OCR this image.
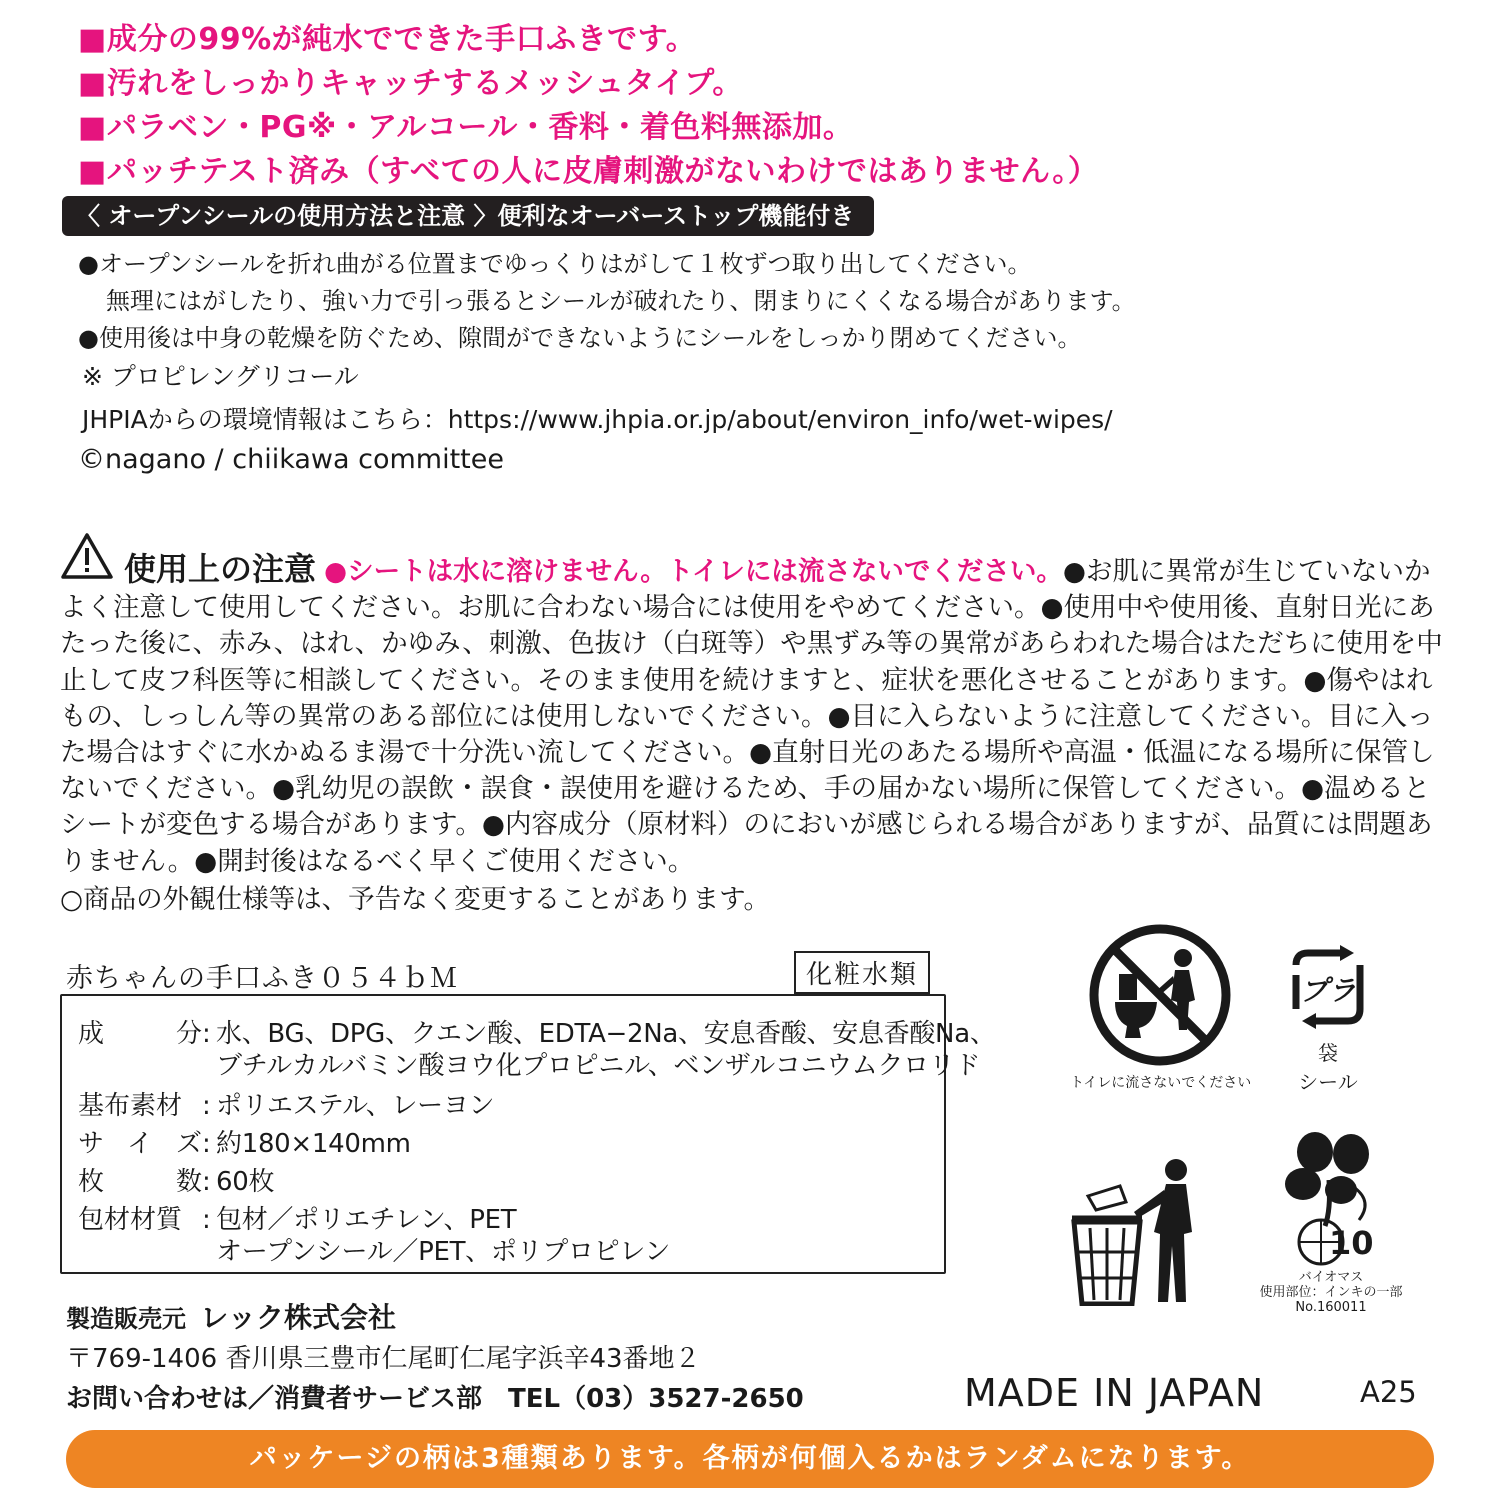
■成分の99%が純水でできた手口ふきです。
■汚れをしっかりキャッチするメッシュタイプ。
■パラベン・PG※・アルコール・香料・着色料無添加。
■パッチテスト済み（すべての人に皮膚刺激がないわけではありません。）
〈 オープンシールの使用方法と注意 〉便利なオーバーストップ機能付き
●オープンシールを折れ曲がる位置までゆっくりはがして１枚ずつ取り出してください。
無理にはがしたり、強い力で引っ張るとシールが破れたり、閉まりにくくなる場合があります。
●使用後は中身の乾燥を防ぐため、隙間ができないようにシールをしっかり閉めてください。
※ プロピレングリコール
JHPIAからの環境情報はこちら：https://www.jhpia.or.jp/about/environ_info/wet-wipes/
©nagano / chiikawa committee
使用上の注意 ●シートは水に溶けません。トイレには流さないでください。●お肌に異常が生じていないかよく注意して使用してください。お肌に合わない場合には使用をやめてください。●使用中や使用後、直射日光にあたった後に、赤み、はれ、かゆみ、刺激、色抜け（白斑等）や黒ずみ等の異常があらわれた場合はただちに使用を中止して皮フ科医等に相談してください。そのまま使用を続けますと、症状を悪化させることがあります。●傷やはれもの、しっしん等の異常のある部位には使用しないでください。●目に入らないように注意してください。目に入った場合はすぐに水かぬるま湯で十分洗い流してください。●直射日光のあたる場所や高温・低温になる場所に保管しないでください。●乳幼児の誤飲・誤食・誤使用を避けるため、手の届かない場所に保管してください。●温めるとシートが変色する場合があります。●内容成分（原材料）のにおいが感じられる場合がありますが、品質には問題ありません。●開封後はなるべく早くご使用ください。
○商品の外観仕様等は、予告なく変更することがあります。
赤ちゃんの手口ふき０５４ｂＭ	化粧水類
成	分 : 水、BG、DPG、クエン酸、EDTA−2Na、安息香酸、安息香酸Na、
ブチルカルバミン酸ヨウ化プロピニル、ベンザルコニウムクロリド
基布素材 : ポリエステル、レーヨン
サ イ ズ : 約180×140mm
枚	数 : 60枚
包材材質 : 包材／ポリエチレン、PET
オープンシール／PET、ポリプロピレン
製造販売元 レック株式会社
〒769-1406 香川県三豊市仁尾町仁尾字浜辛43番地２
お問い合わせは／消費者サービス部　TEL（03）3527-2650
トイレに流さないでください
プラ
袋
シール
10
バイオマス
使用部位：インキの一部
No.160011
MADE IN JAPAN	A25
パッケージの柄は3種類あります。各柄が何個入るかはランダムになります。
